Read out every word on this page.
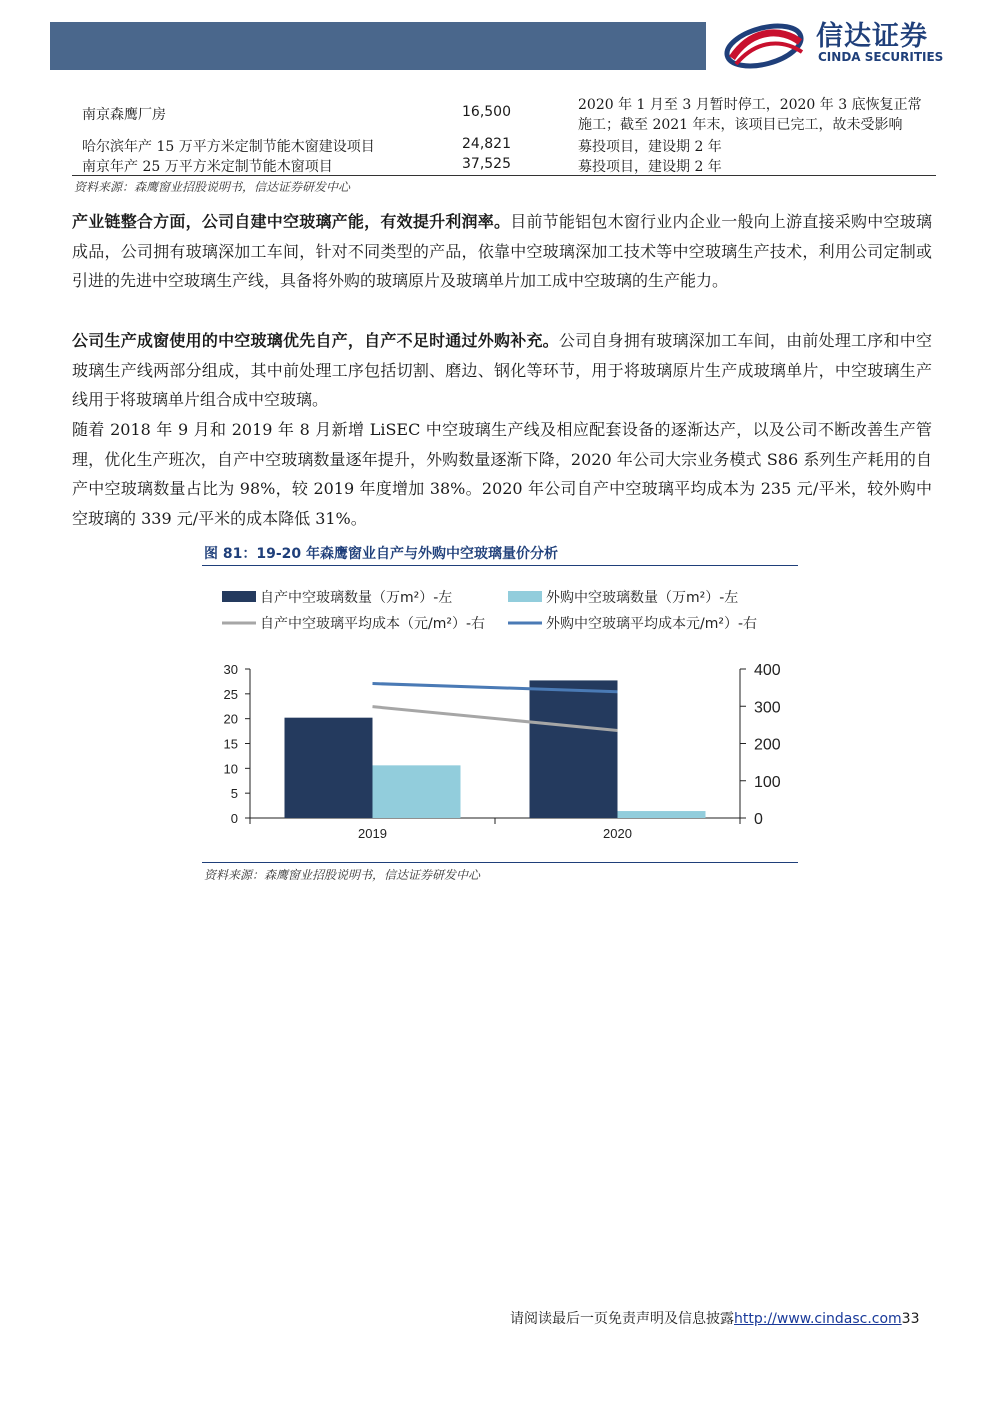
信达证券
CINDA SECURITIES
南京森鹰厂房	16,500	2020 年 1 月至 3 月暂时停工，2020 年 3 底恢复正常
施工；截至 2021 年末，该项目已完工，故未受影响
哈尔滨年产 15 万平方米定制节能木窗建设项目	24,821	募投项目，建设期 2 年
南京年产 25 万平方米定制节能木窗项目	37,525	募投项目，建设期 2 年
资料来源：森鹰窗业招股说明书，信达证券研发中心
产业链整合方面，公司自建中空玻璃产能，有效提升利润率。目前节能铝包木窗行业内企业一般向上游直接采购中空玻璃成品，公司拥有玻璃深加工车间，针对不同类型的产品，依靠中空玻璃深加工技术等中空玻璃生产技术，利用公司定制或引进的先进中空玻璃生产线，具备将外购的玻璃原片及玻璃单片加工成中空玻璃的生产能力。
公司生产成窗使用的中空玻璃优先自产，自产不足时通过外购补充。公司自身拥有玻璃深加工车间，由前处理工序和中空玻璃生产线两部分组成，其中前处理工序包括切割、磨边、钢化等环节，用于将玻璃原片生产成玻璃单片，中空玻璃生产线用于将玻璃单片组合成中空玻璃。
随着 2018 年 9 月和 2019 年 8 月新增 LiSEC 中空玻璃生产线及相应配套设备的逐渐达产，以及公司不断改善生产管理，优化生产班次，自产中空玻璃数量逐年提升，外购数量逐渐下降，2020 年公司大宗业务模式 S86 系列生产耗用的自产中空玻璃数量占比为 98%，较 2019 年度增加 38%。2020 年公司自产中空玻璃平均成本为 235 元/平米，较外购中空玻璃的 339 元/平米的成本降低 31%。
图 81：19-20 年森鹰窗业自产与外购中空玻璃量价分析
0
5
10
15
20
25
30
0
100
200
300
400
2019	2020
自产中空玻璃数量（万m²）-左	外购中空玻璃数量（万m²）-左
自产中空玻璃平均成本（元/m²）-右	外购中空玻璃平均成本元/m²）-右
资料来源：森鹰窗业招股说明书，信达证券研发中心
请阅读最后一页免责声明及信息披露http://www.cindasc.com33
